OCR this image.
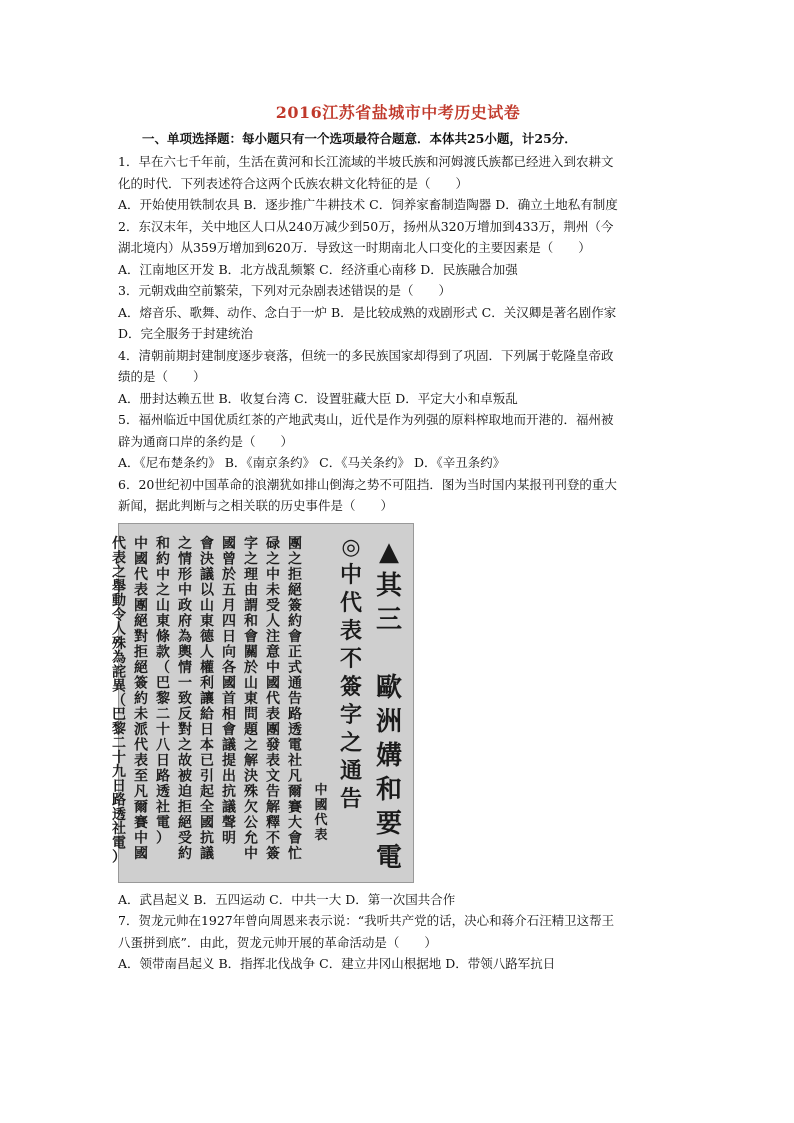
2016江苏省盐城市中考历史试卷
一、单项选择题：每小题只有一个选项最符合题意．本体共25小题，计25分．

1．早在六七千年前，生活在黄河和长江流域的半坡氏族和河姆渡氏族都已经进入到农耕文

化的时代．下列表述符合这两个氏族农耕文化特征的是（　　）

A．开始使用铁制农具 B．逐步推广牛耕技术 C．饲养家畜制造陶器 D．确立土地私有制度

2．东汉末年，关中地区人口从240万减少到50万，扬州从320万增加到433万，荆州（今

湖北境内）从359万增加到620万．导致这一时期南北人口变化的主要因素是（　　）

A．江南地区开发 B．北方战乱频繁 C．经济重心南移 D．民族融合加强

3．元朝戏曲空前繁荣，下列对元杂剧表述错误的是（　　）

A．熔音乐、歌舞、动作、念白于一炉 B．是比较成熟的戏剧形式 C．关汉卿是著名剧作家

D．完全服务于封建统治

4．清朝前期封建制度逐步衰落，但统一的多民族国家却得到了巩固．下列属于乾隆皇帝政

绩的是（　　）

A．册封达赖五世 B．收复台湾 C．设置驻藏大臣 D．平定大小和卓叛乱

5．福州临近中国优质红茶的产地武夷山，近代是作为列强的原料榨取地而开港的．福州被

辟为通商口岸的条约是（　　）

A．《尼布楚条约》 B．《南京条约》 C．《马关条约》 D．《辛丑条约》

6．20世纪初中国革命的浪潮犹如排山倒海之势不可阻挡．图为当时国内某报刊刊登的重大

新闻，据此判断与之相关联的历史事件是（　　）

▲其三 歐洲媾和要電
◎中代表不簽字之通告
中國代表
團之拒絕簽約會正式通告路透電社凡爾賽大會忙
碌之中未受人注意中國代表團發表文告解釋不簽
字之理由謂和會關於山東問題之解決殊欠公允中
國曾於五月四日向各國首相會議提出抗議聲明
會決議以山東德人權利讓給日本已引起全國抗議
之情形中政府為輿情一致反對之故被迫拒絕受約
和約中之山東條款（巴黎二十八日路透社電）
中國代表團絕對拒絕簽約未派代表至凡爾賽中國
代表之舉動令人殊為詫異（巴黎二十九日路透社電）

A．武昌起义 B．五四运动 C．中共一大 D．第一次国共合作

7．贺龙元帅在1927年曾向周恩来表示说：“我听共产党的话，决心和蒋介石汪精卫这帮王

八蛋拼到底”．由此，贺龙元帅开展的革命活动是（　　）

A．领带南昌起义 B．指挥北伐战争 C．建立井冈山根据地 D．带领八路军抗日
